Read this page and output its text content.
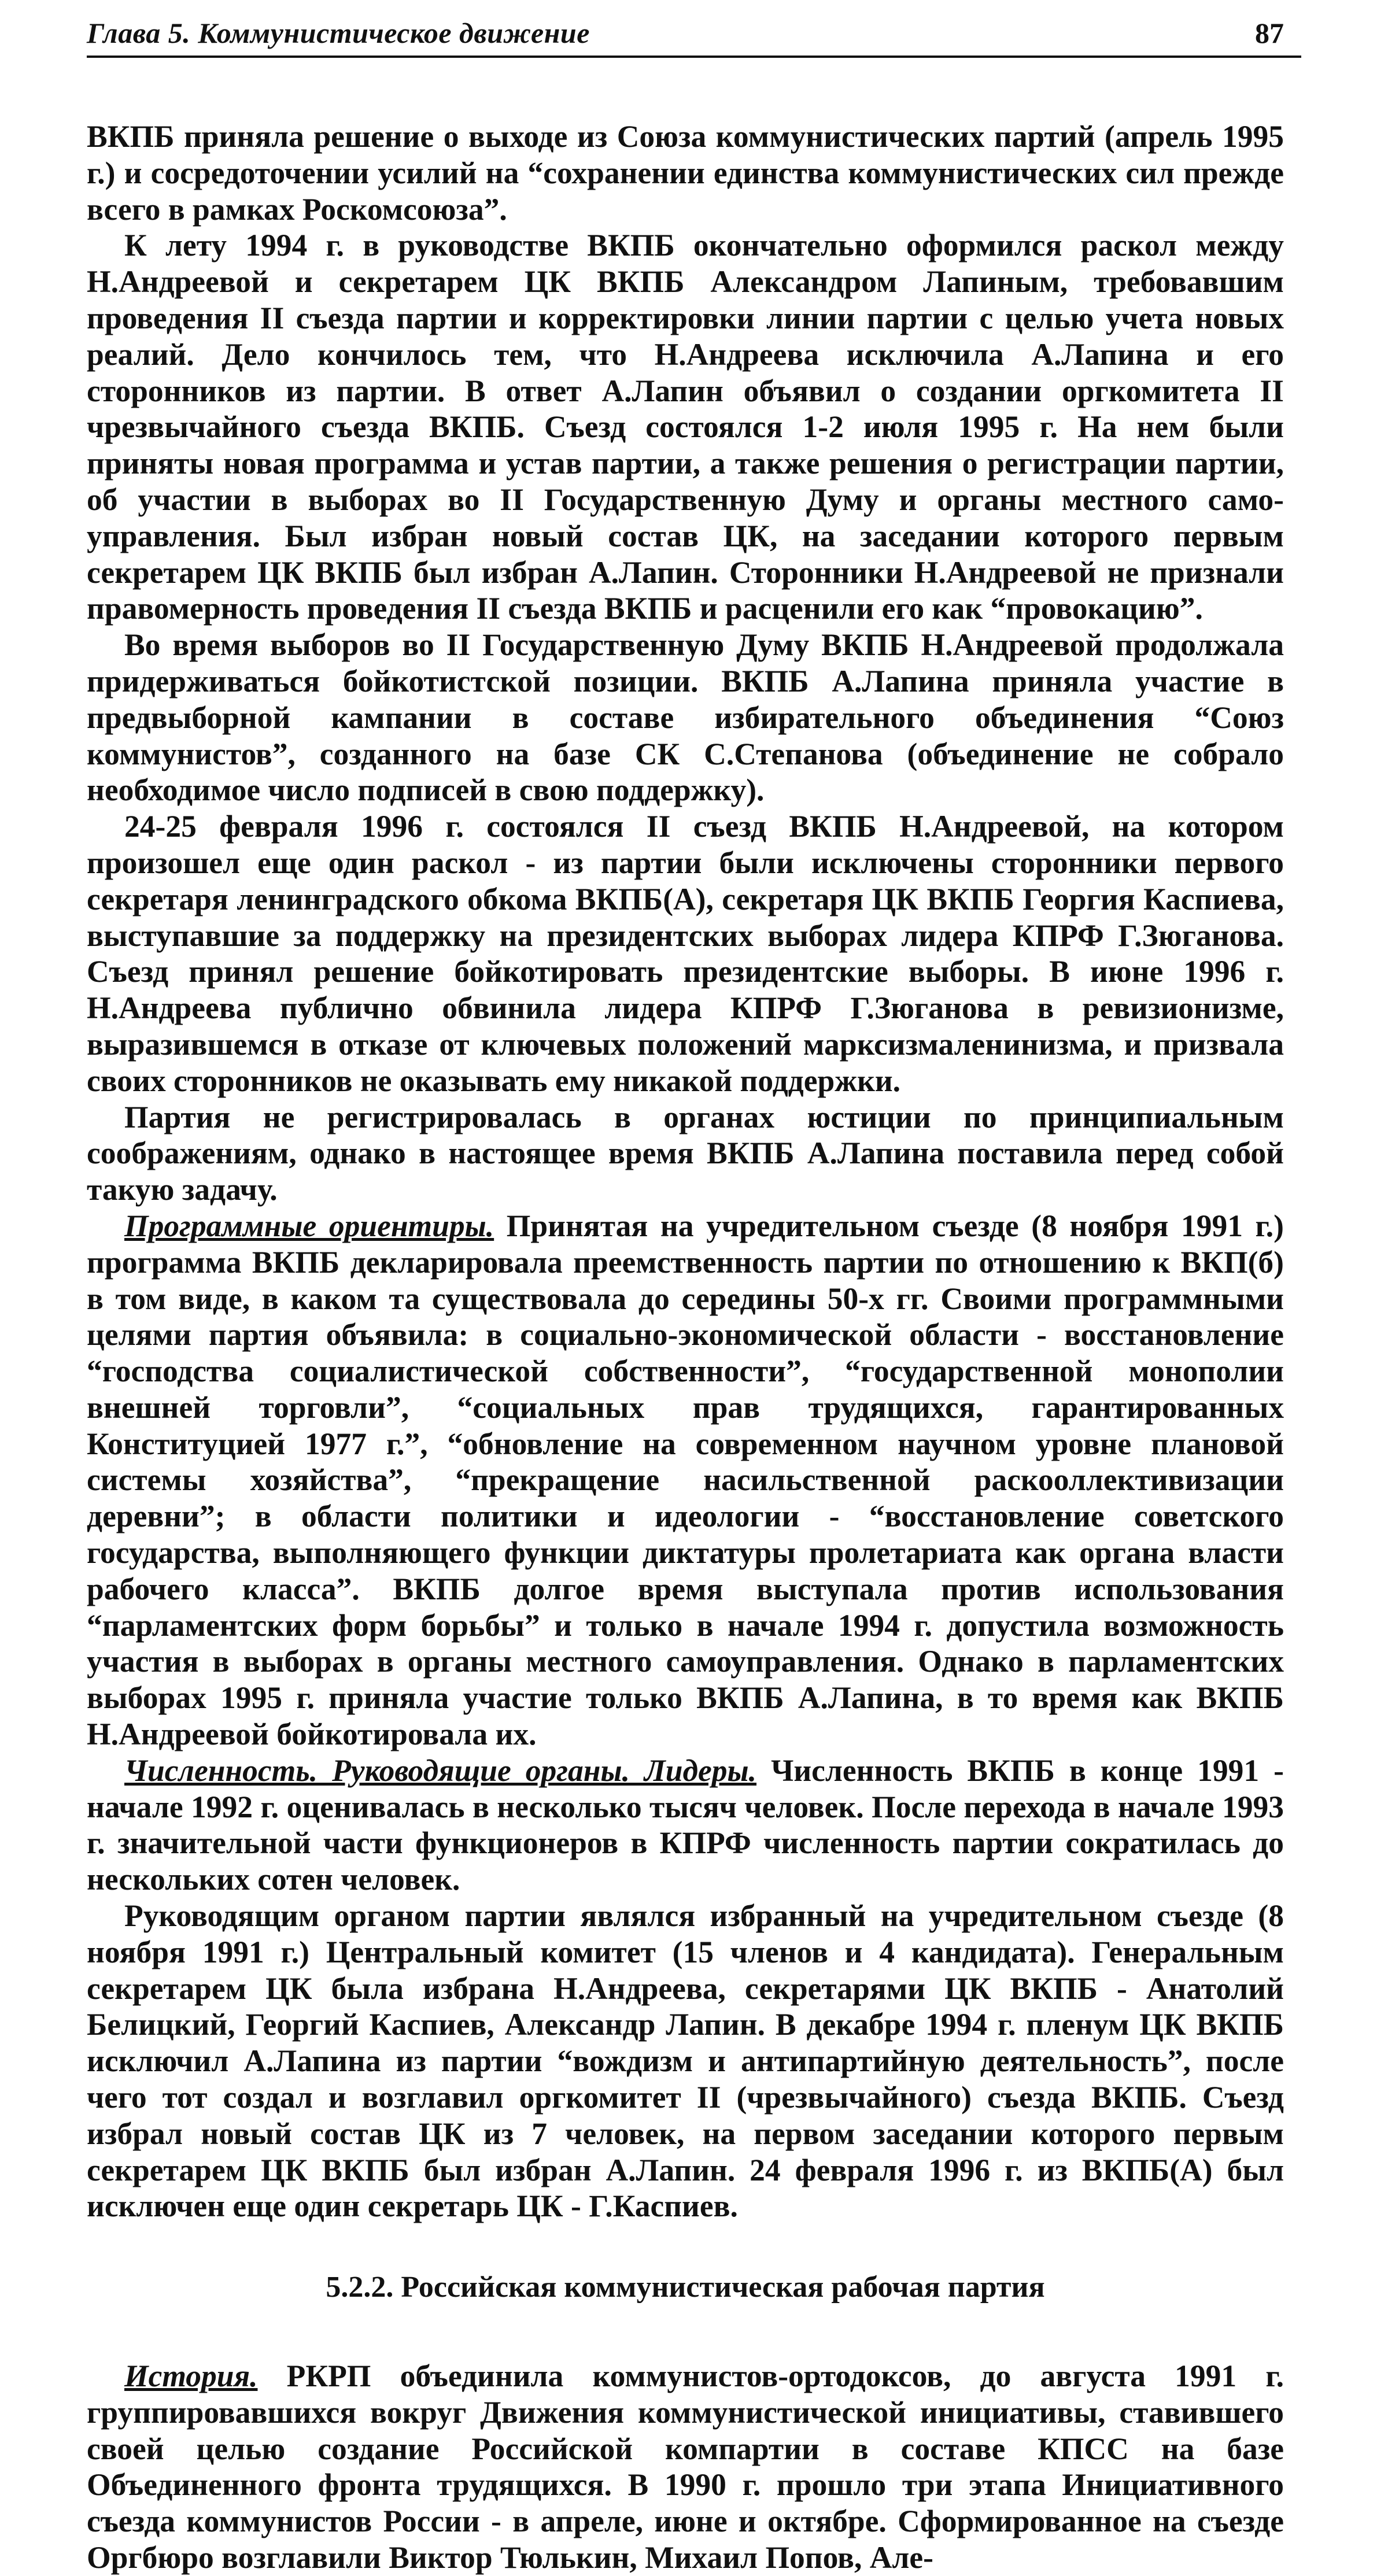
Глава 5. Коммунистическое движение	87

ВКПБ приняла решение о выходе из Союза коммунистических партий (апрель 1995 г.) и сосредоточении усилий на “сохранении единства коммунистических сил прежде всего в рамках Роскомсоюза”.

К лету 1994 г. в руководстве ВКПБ окончательно оформился раскол между Н.Андреевой и секретарем ЦК ВКПБ Александром Лапиным, требовавшим проведения II съезда партии и корректировки линии партии с целью учета новых реалий. Дело кончилось тем, что Н.Андреева исключила А.Лапина и его сторонников из партии. В ответ А.Лапин объявил о создании оргкомитета II чрезвычайного съезда ВКПБ. Съезд состоялся 1-2 июля 1995 г. На нем были приняты новая программа и устав партии, а также решения о регистрации партии, об участии в выборах во II Государственную Думу и органы местного самоуправления. Был избран новый состав ЦК, на заседании которого первым секретарем ЦК ВКПБ был избран А.Лапин. Сторонники Н.Андреевой не признали правомерность проведения II съезда ВКПБ и расценили его как “провокацию”.

Во время выборов во II Государственную Думу ВКПБ Н.Андреевой продолжала придерживаться бойкотистской позиции. ВКПБ А.Лапина приняла участие в предвыборной кампании в составе избирательного объединения “Союз коммунистов”, созданного на базе СК С.Степанова (объединение не собрало необходимое число подписей в свою поддержку).

24-25 февраля 1996 г. состоялся II съезд ВКПБ Н.Андреевой, на котором произошел еще один раскол - из партии были исключены сторонники первого секретаря ленинградского обкома ВКПБ(А), секретаря ЦК ВКПБ Георгия Каспиева, выступавшие за поддержку на президентских выборах лидера КПРФ Г.Зюганова. Съезд принял решение бойкотировать президентские выборы. В июне 1996 г. Н.Андреева публично обвинила лидера КПРФ Г.Зюганова в ревизионизме, выразившемся в отказе от ключевых положений марксизмаленинизма, и призвала своих сторонников не оказывать ему никакой поддержки.

Партия не регистрировалась в органах юстиции по принципиальным соображениям, однако в настоящее время ВКПБ А.Лапина поставила перед собой такую задачу.

Программные ориентиры. Принятая на учредительном съезде (8 ноября 1991 г.) программа ВКПБ декларировала преемственность партии по отношению к ВКП(б) в том виде, в каком та существовала до середины 50-х гг. Своими программными целями партия объявила: в социально-экономической области - восстановление “господства социалистической собственности”, “государственной монополии внешней торговли”, “социальных прав трудящихся, гарантированных Конституцией 1977 г.”, “обновление на современном научном уровне плановой системы хозяйства”, “прекращение насильственной раскооллективизации деревни”; в области политики и идеологии - “восстановление советского государства, выполняющего функции диктатуры пролетариата как органа власти рабочего класса”. ВКПБ долгое время выступала против использования “парламентских форм борьбы” и только в начале 1994 г. допустила возможность участия в выборах в органы местного самоуправления. Однако в парламентских выборах 1995 г. приняла участие только ВКПБ А.Лапина, в то время как ВКПБ Н.Андреевой бойкотировала их.

Численность. Руководящие органы. Лидеры. Численность ВКПБ в конце 1991 - начале 1992 г. оценивалась в несколько тысяч человек. После перехода в начале 1993 г. значительной части функционеров в КПРФ численность партии сократилась до нескольких сотен человек.

Руководящим органом партии являлся избранный на учредительном съезде (8 ноября 1991 г.) Центральный комитет (15 членов и 4 кандидата). Генеральным секретарем ЦК была избрана Н.Андреева, секретарями ЦК ВКПБ - Анатолий Белицкий, Георгий Каспиев, Александр Лапин. В декабре 1994 г. пленум ЦК ВКПБ исключил А.Лапина из партии “вождизм и антипартийную деятельность”, после чего тот создал и возглавил оргкомитет II (чрезвычайного) съезда ВКПБ. Съезд избрал новый состав ЦК из 7 человек, на первом заседании которого первым секретарем ЦК ВКПБ был избран А.Лапин. 24 февраля 1996 г. из ВКПБ(А) был исключен еще один секретарь ЦК - Г.Каспиев.

5.2.2. Российская коммунистическая рабочая партия

История. РКРП объединила коммунистов-ортодоксов, до августа 1991 г. группировавшихся вокруг Движения коммунистической инициативы, ставившего своей целью создание Российской компартии в составе КПСС на базе Объединенного фронта трудящихся. В 1990 г. прошло три этапа Инициативного съезда коммунистов России - в апреле, июне и октябре. Сформированное на съезде Оргбюро возглавили Виктор Тюлькин, Михаил Попов, Але-
